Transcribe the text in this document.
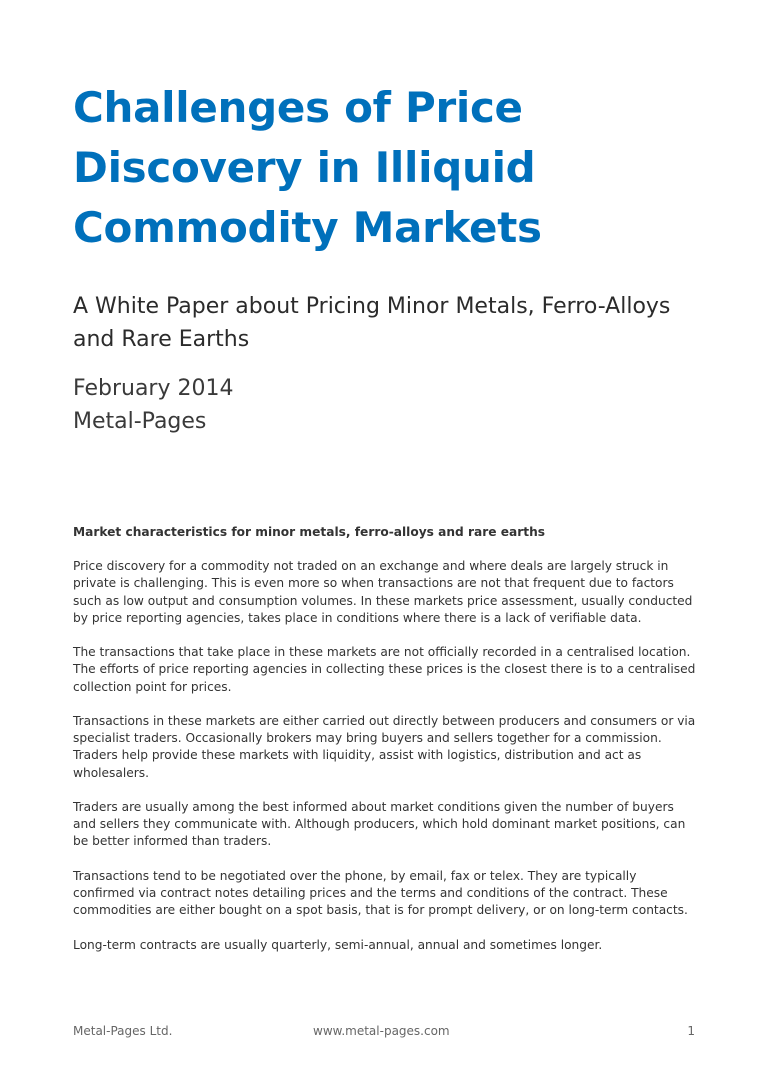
Challenges of Price Discovery in Illiquid Commodity Markets
A White Paper about Pricing Minor Metals, Ferro-Alloys and Rare Earths
February 2014
Metal-Pages
Market characteristics for minor metals, ferro-alloys and rare earths

Price discovery for a commodity not traded on an exchange and where deals are largely struck in private is challenging. This is even more so when transactions are not that frequent due to factors such as low output and consumption volumes. In these markets price assessment, usually conducted by price reporting agencies, takes place in conditions where there is a lack of verifiable data.

The transactions that take place in these markets are not officially recorded in a centralised location. The efforts of price reporting agencies in collecting these prices is the closest there is to a centralised collection point for prices.

Transactions in these markets are either carried out directly between producers and consumers or via specialist traders. Occasionally brokers may bring buyers and sellers together for a commission. Traders help provide these markets with liquidity, assist with logistics, distribution and act as wholesalers.

Traders are usually among the best informed about market conditions given the number of buyers and sellers they communicate with. Although producers, which hold dominant market positions, can be better informed than traders.

Transactions tend to be negotiated over the phone, by email, fax or telex. They are typically confirmed via contract notes detailing prices and the terms and conditions of the contract. These commodities are either bought on a spot basis, that is for prompt delivery, or on long-term contacts.

Long-term contracts are usually quarterly, semi-annual, annual and sometimes longer.

Metal-Pages Ltd.	www.metal-pages.com	1
